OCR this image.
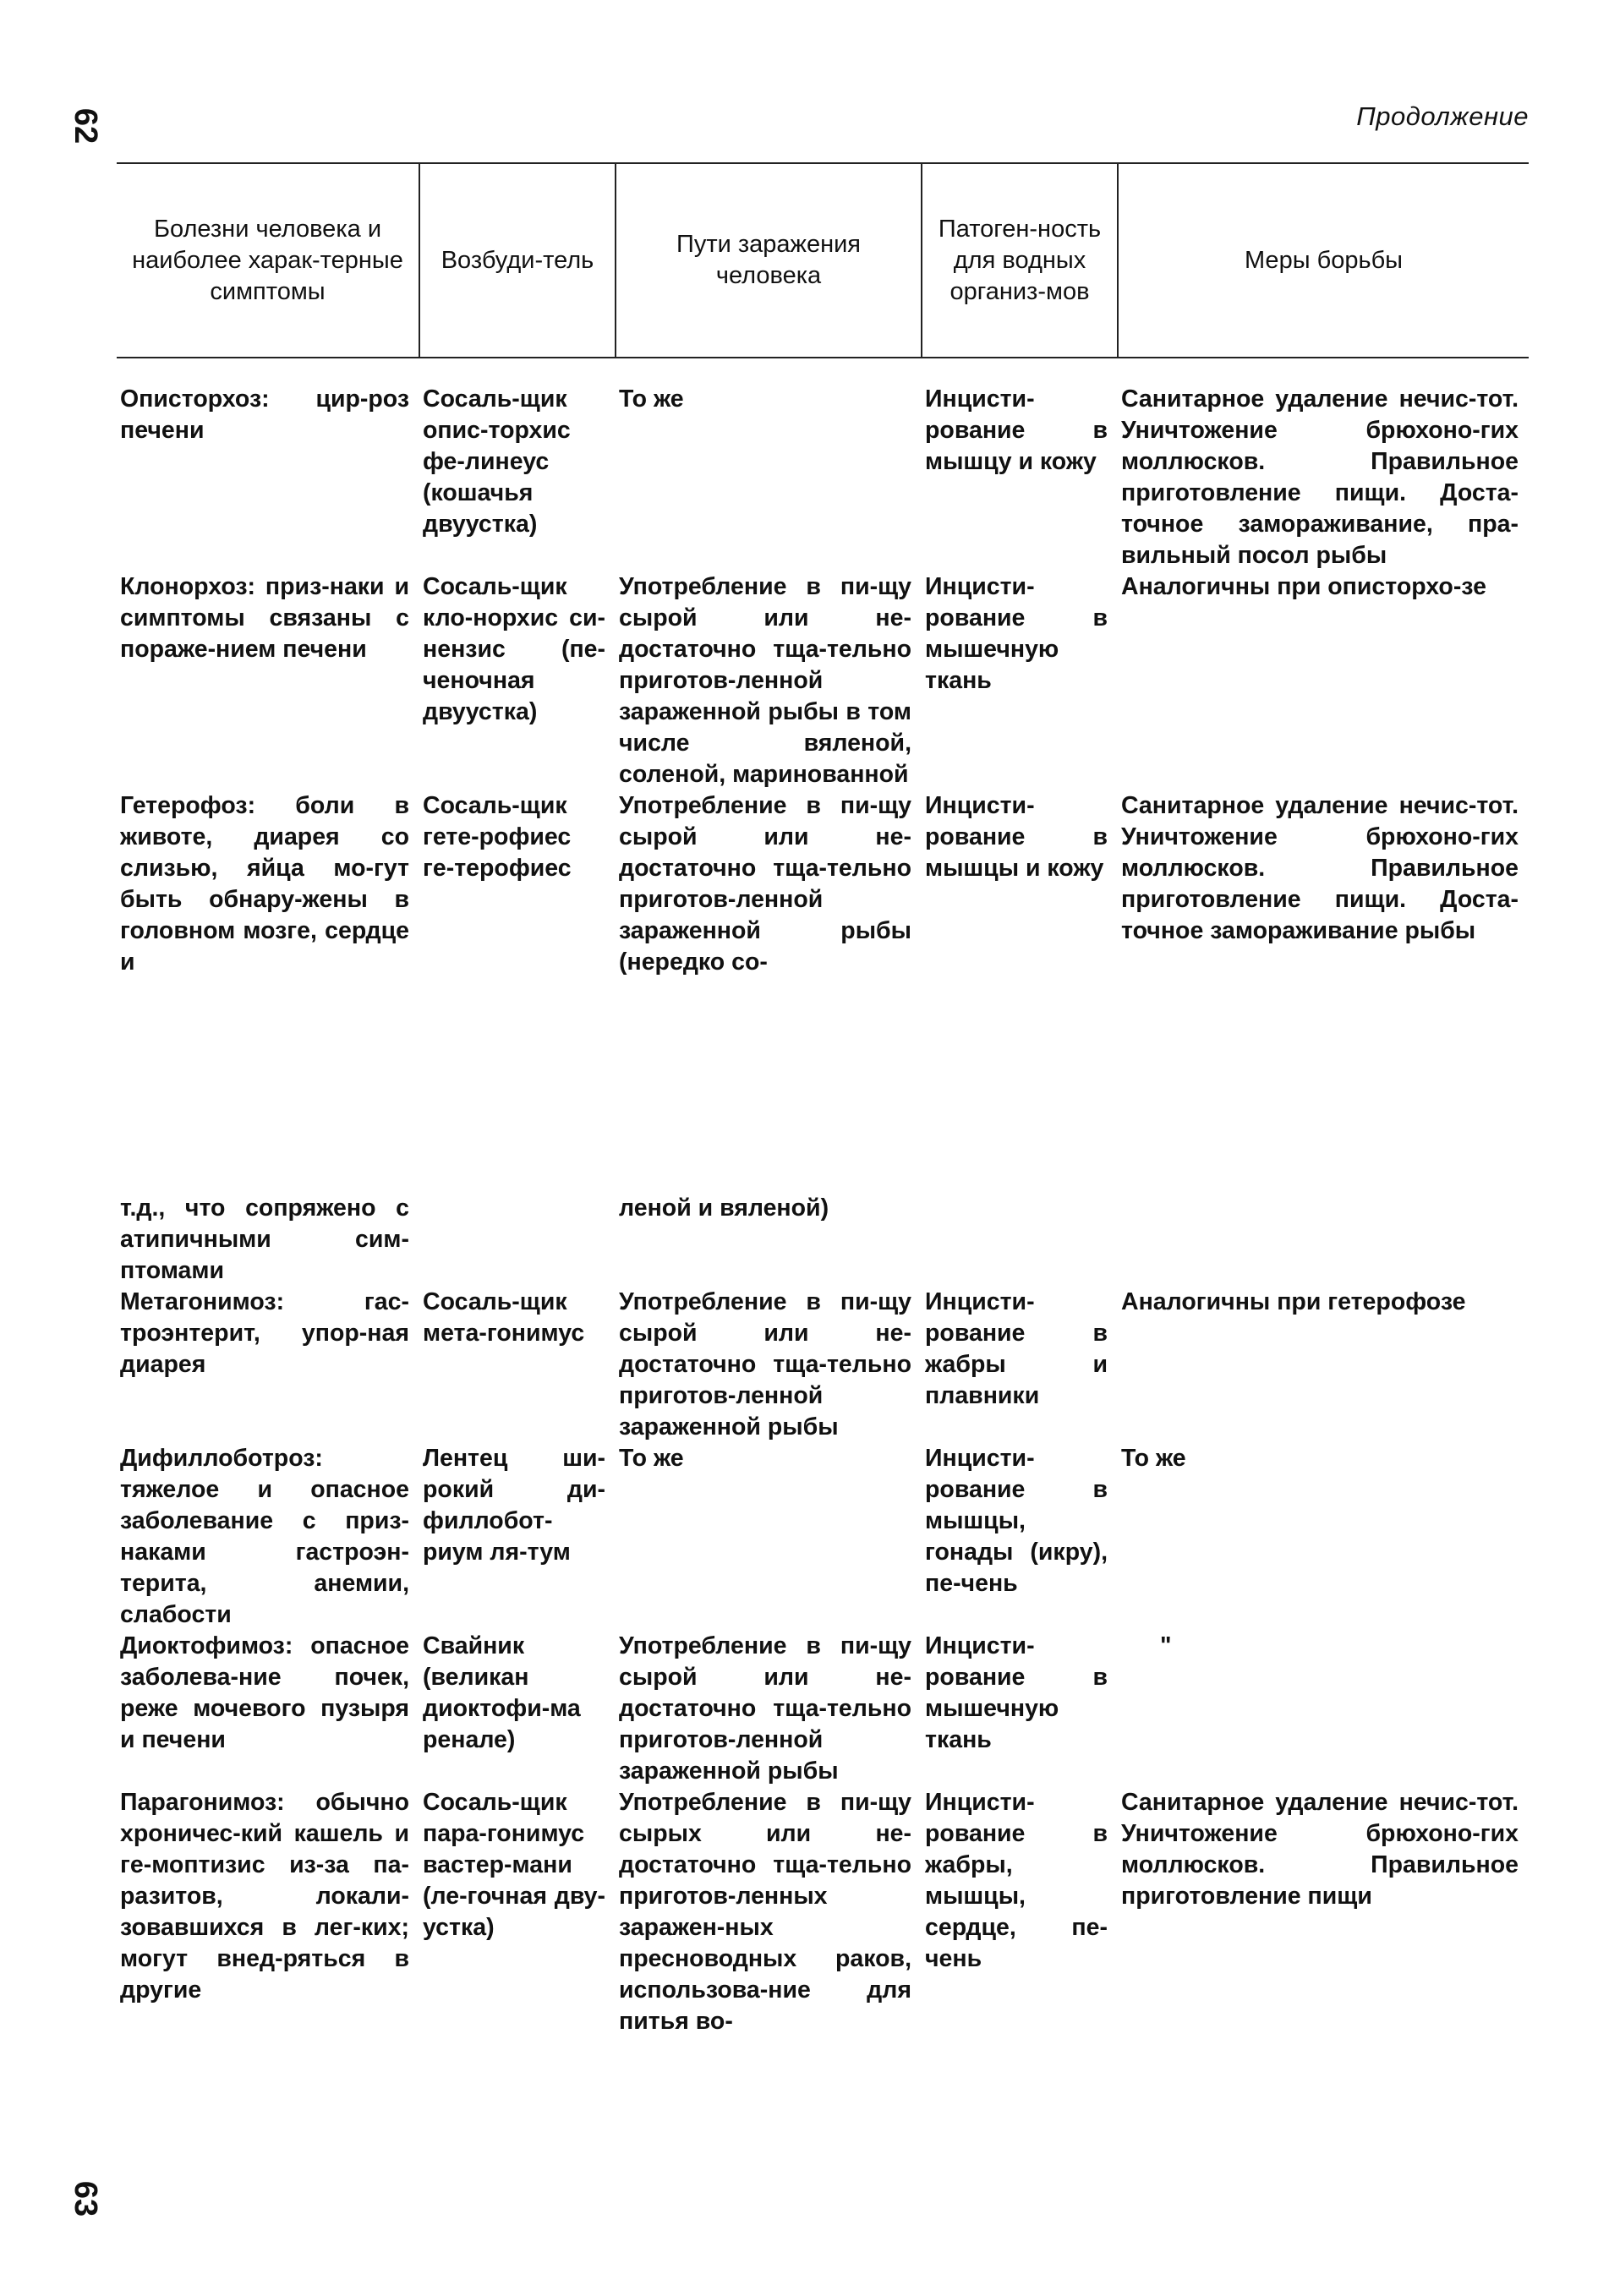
62	Продолжение
Болезни человека и наиболее харак-терные симптомы	Возбуди-тель	Пути заражения человека	Патоген-ность для водных организ-мов	Меры борьбы
Описторхоз: цир-роз печени	Сосаль-щик опис-торхис фе-линеус (кошачья двуустка)	То же	Инцисти-рование в мышцу и кожу	Санитарное удаление нечис-тот. Уничтожение брюхоно-гих моллюсков. Правильное приготовление пищи. Доста-точное замораживание, пра-вильный посол рыбы
Клонорхоз: приз-наки и симптомы связаны с пораже-нием печени	Сосаль-щик кло-норхис си-нензис (пе-ченочная двуустка)	Употребление в пи-щу сырой или не-достаточно тща-тельно приготов-ленной зараженной рыбы в том числе вяленой, соленой, маринованной	Инцисти-рование в мышечную ткань	Аналогичны при описторхо-зе
Гетерофоз: боли в животе, диарея со слизью, яйца мо-гут быть обнару-жены в головном мозге, сердце и	Сосаль-щик гете-рофиес ге-терофиес	Употребление в пи-щу сырой или не-достаточно тща-тельно приготов-ленной зараженной рыбы (нередко со-	Инцисти-рование в мышцы и кожу	Санитарное удаление нечис-тот. Уничтожение брюхоно-гих моллюсков. Правильное приготовление пищи. Доста-точное замораживание рыбы

т.д., что сопряжено с атипичными сим-птомами		леной и вяленой)		
Метагонимоз: гас-троэнтерит, упор-ная диарея	Сосаль-щик мета-гонимус	Употребление в пи-щу сырой или не-достаточно тща-тельно приготов-ленной зараженной рыбы	Инцисти-рование в жабры и плавники	Аналогичны при гетерофозе
Дифиллоботроз: тяжелое и опасное заболевание с приз-наками гастроэн-терита, анемии, слабости	Лентец ши-рокий ди-филлобот-риум ля-тум	То же	Инцисти-рование в мышцы, гонады (икру), пе-чень	То же
Диоктофимоз: опасное заболева-ние почек, реже мочевого пузыря и печени	Свайник (великан диоктофи-ма ренале)	Употребление в пи-щу сырой или не-достаточно тща-тельно приготов-ленной зараженной рыбы	Инцисти-рование в мышечную ткань	"
Парагонимоз: обычно хроничес-кий кашель и ге-моптизис из-за па-разитов, локали-зовавшихся в лег-ких; могут внед-ряться в другие	Сосаль-щик пара-гонимус вастер-мани (ле-гочная дву-устка)	Употребление в пи-щу сырых или не-достаточно тща-тельно приготов-ленных заражен-ных пресноводных раков, использова-ние для питья во-	Инцисти-рование в жабры, мышцы, сердце, пе-чень	Санитарное удаление нечис-тот. Уничтожение брюхоно-гих моллюсков. Правильное приготовление пищи
63
